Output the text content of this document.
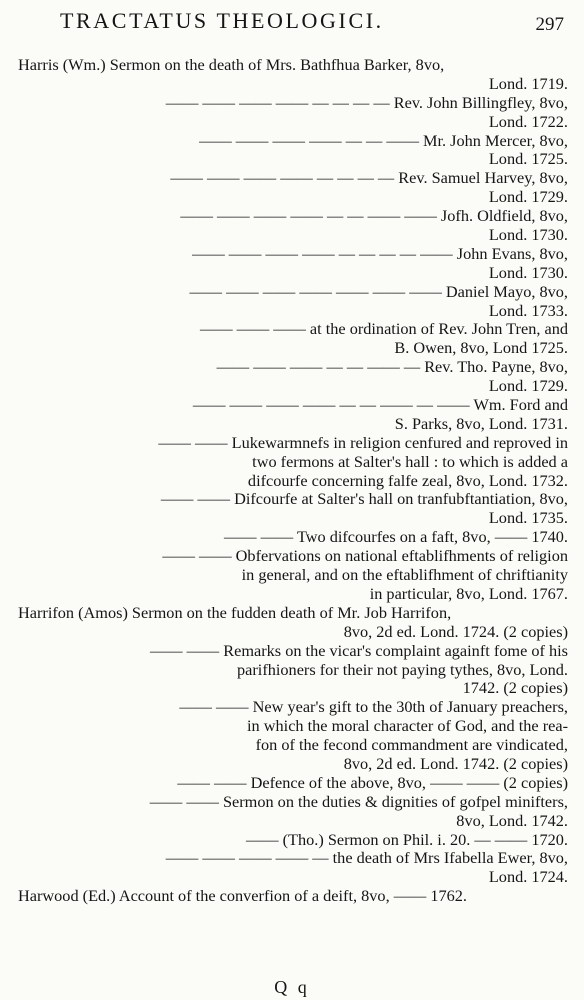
TRACTATUS THEOLOGICI.	297
Harris (Wm.) Sermon on the death of Mrs. Bathfhua Barker, 8vo,
Lond. 1719.
—— —— —— —— — — — — Rev. John Billingfley, 8vo,
Lond. 1722.
—— —— —— —— — — —— Mr. John Mercer, 8vo,
Lond. 1725.
—— —— —— —— — — — — Rev. Samuel Harvey, 8vo,
Lond. 1729.
—— —— —— —— — — —— —— Jofh. Oldfield, 8vo,
Lond. 1730.
—— —— —— —— — — — — —— John Evans, 8vo,
Lond. 1730.
—— —— —— —— —— —— —— Daniel Mayo, 8vo,
Lond. 1733.
—— —— —— at the ordination of Rev. John Tren, and
B. Owen, 8vo, Lond 1725.
—— —— —— — — —— — Rev. Tho. Payne, 8vo,
Lond. 1729.
—— —— —— —— — — —— — —— Wm. Ford and
S. Parks, 8vo, Lond. 1731.
—— —— Lukewarmnefs in religion cenfured and reproved in
two fermons at Salter's hall : to which is added a
difcourfe concerning falfe zeal, 8vo, Lond. 1732.
—— —— Difcourfe at Salter's hall on tranfubftantiation, 8vo,
Lond. 1735.
—— —— Two difcourfes on a faft, 8vo, —— 1740.
—— —— Obfervations on national eftablifhments of religion
in general, and on the eftablifhment of chriftianity
in particular, 8vo, Lond. 1767.
Harrifon (Amos) Sermon on the fudden death of Mr. Job Harrifon,
8vo, 2d ed. Lond. 1724. (2 copies)
—— —— Remarks on the vicar's complaint againft fome of his
parifhioners for their not paying tythes, 8vo, Lond.
1742. (2 copies)
—— —— New year's gift to the 30th of January preachers,
in which the moral character of God, and the rea-
fon of the fecond commandment are vindicated,
8vo, 2d ed. Lond. 1742. (2 copies)
—— —— Defence of the above, 8vo, —— —— (2 copies)
—— —— Sermon on the duties & dignities of gofpel minifters,
8vo, Lond. 1742.
—— (Tho.) Sermon on Phil. i. 20. — —— 1720.
—— —— —— —— — the death of Mrs Ifabella Ewer, 8vo,
Lond. 1724.
Harwood (Ed.) Account of the converfion of a deift, 8vo, —— 1762.
Q q
